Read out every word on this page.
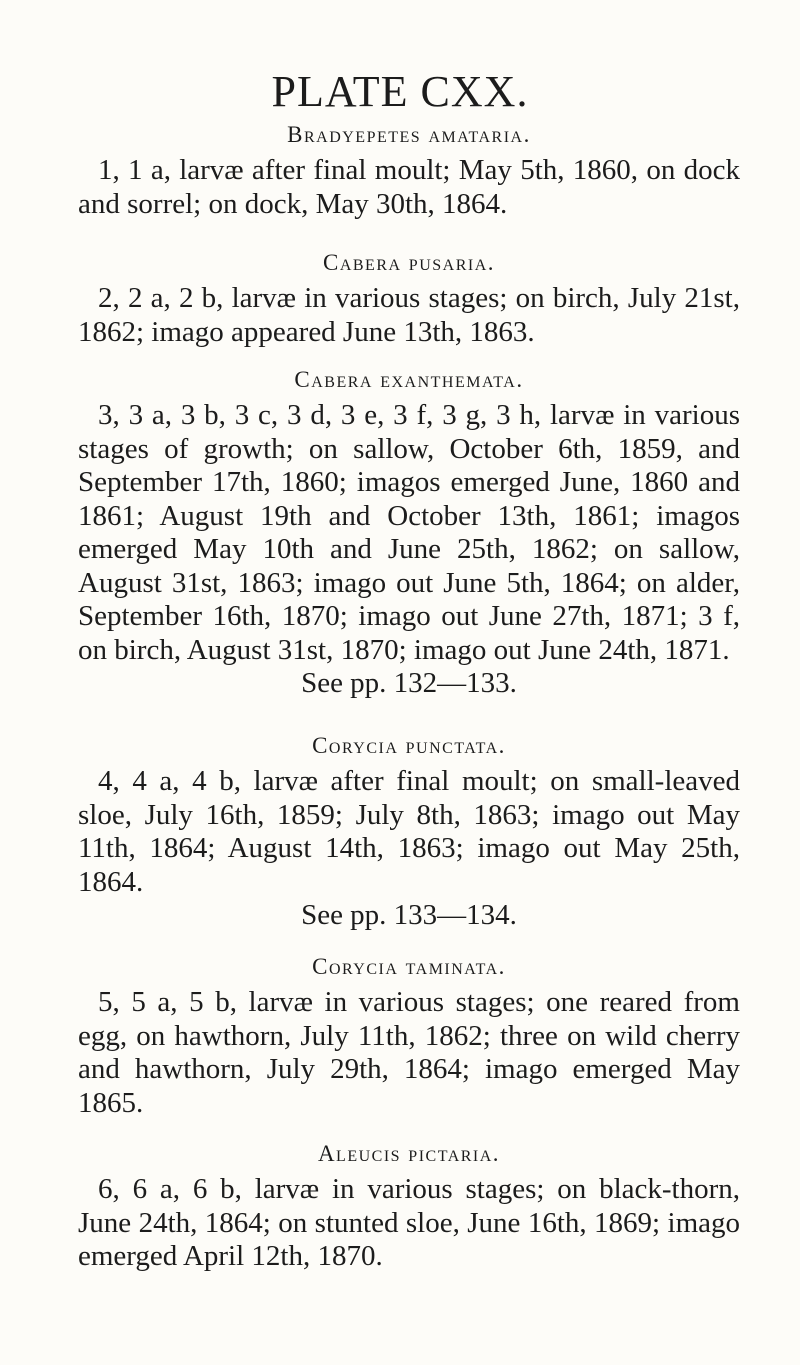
PLATE CXX.
Bradyepetes amataria.
1, 1 a, larvæ after final moult; May 5th, 1860, on dock and sorrel; on dock, May 30th, 1864.
Cabera pusaria.
2, 2 a, 2 b, larvæ in various stages; on birch, July 21st, 1862; imago appeared June 13th, 1863.
Cabera exanthemata.
3, 3 a, 3 b, 3 c, 3 d, 3 e, 3 f, 3 g, 3 h, larvæ in various stages of growth; on sallow, October 6th, 1859, and September 17th, 1860; imagos emerged June, 1860 and 1861; August 19th and October 13th, 1861; imagos emerged May 10th and June 25th, 1862; on sallow, August 31st, 1863; imago out June 5th, 1864; on alder, September 16th, 1870; imago out June 27th, 1871; 3 f, on birch, August 31st, 1870; imago out June 24th, 1871.
See pp. 132—133.
Corycia punctata.
4, 4 a, 4 b, larvæ after final moult; on small-leaved sloe, July 16th, 1859; July 8th, 1863; imago out May 11th, 1864; August 14th, 1863; imago out May 25th, 1864.
See pp. 133—134.
Corycia taminata.
5, 5 a, 5 b, larvæ in various stages; one reared from egg, on hawthorn, July 11th, 1862; three on wild cherry and hawthorn, July 29th, 1864; imago emerged May 1865.
Aleucis pictaria.
6, 6 a, 6 b, larvæ in various stages; on black-thorn, June 24th, 1864; on stunted sloe, June 16th, 1869; imago emerged April 12th, 1870.
